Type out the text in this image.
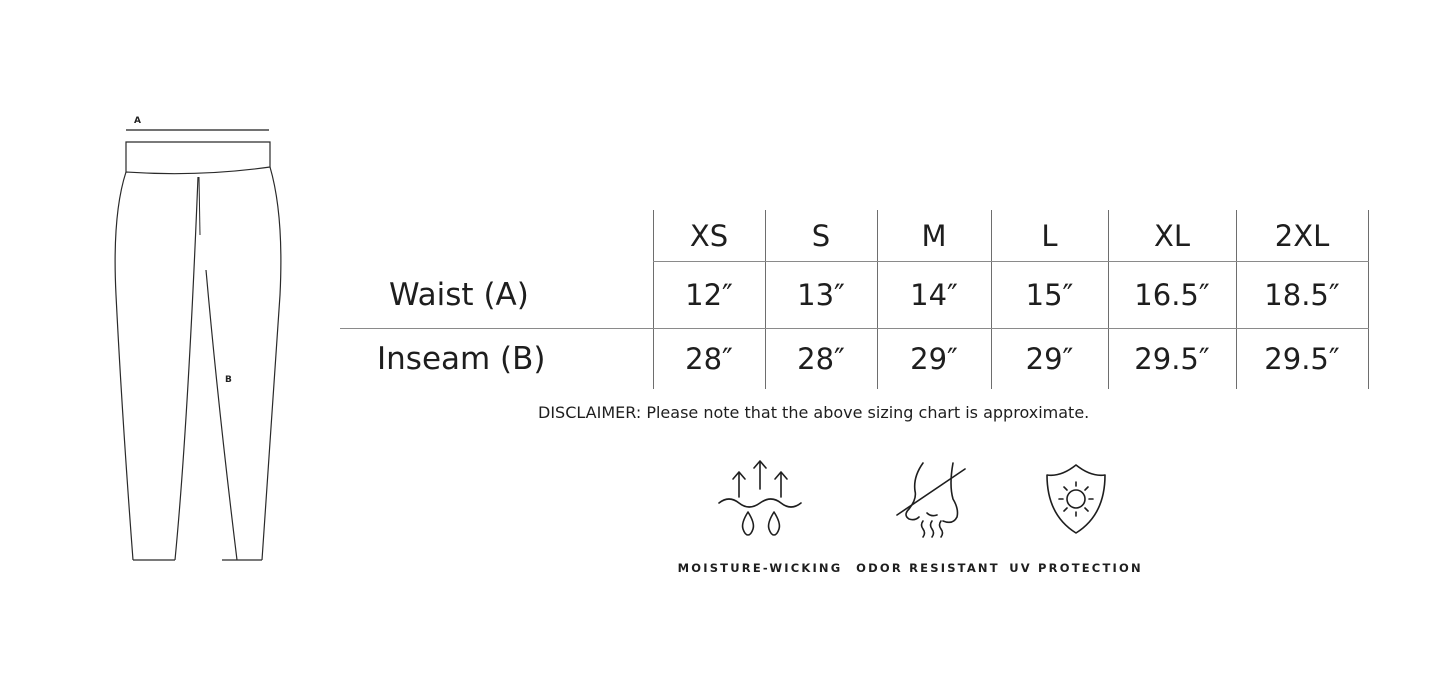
A
B
	XS	S	M	L	XL	2XL
Waist (A)	12″	13″	14″	15″	16.5″	18.5″
Inseam (B)	28″	28″	29″	29″	29.5″	29.5″
DISCLAIMER: Please note that the above sizing chart is approximate.
MOISTURE-WICKING	ODOR RESISTANT UV PROTECTION
